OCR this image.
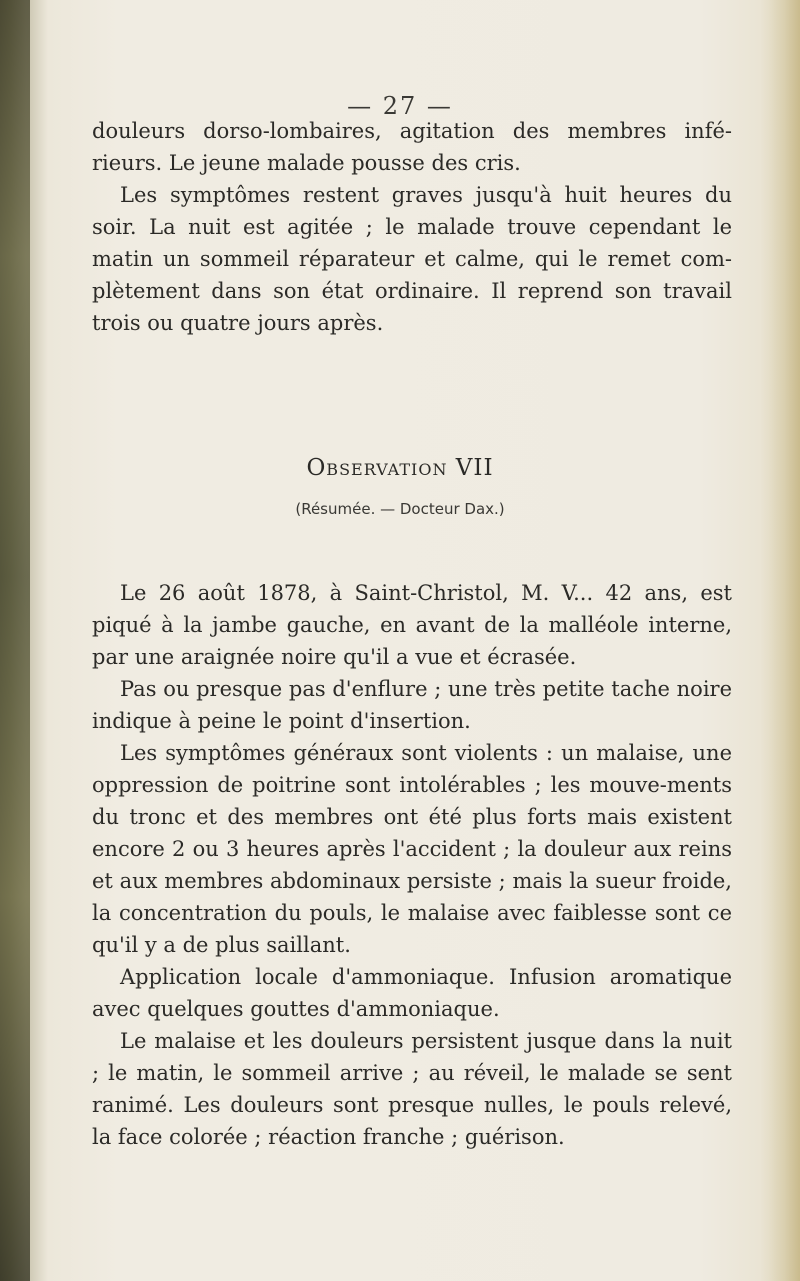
— 27 —

douleurs dorso-lombaires, agitation des membres infé-rieurs. Le jeune malade pousse des cris.

Les symptômes restent graves jusqu'à huit heures du soir. La nuit est agitée ; le malade trouve cependant le matin un sommeil réparateur et calme, qui le remet com-plètement dans son état ordinaire. Il reprend son travail trois ou quatre jours après.

Observation VII
(Résumée. — Docteur Dax.)

Le 26 août 1878, à Saint-Christol, M. V... 42 ans, est piqué à la jambe gauche, en avant de la malléole interne, par une araignée noire qu'il a vue et écrasée.

Pas ou presque pas d'enflure ; une très petite tache noire indique à peine le point d'insertion.

Les symptômes généraux sont violents : un malaise, une oppression de poitrine sont intolérables ; les mouve-ments du tronc et des membres ont été plus forts mais existent encore 2 ou 3 heures après l'accident ; la douleur aux reins et aux membres abdominaux persiste ; mais la sueur froide, la concentration du pouls, le malaise avec faiblesse sont ce qu'il y a de plus saillant.

Application locale d'ammoniaque. Infusion aromatique avec quelques gouttes d'ammoniaque.

Le malaise et les douleurs persistent jusque dans la nuit ; le matin, le sommeil arrive ; au réveil, le malade se sent ranimé. Les douleurs sont presque nulles, le pouls relevé, la face colorée ; réaction franche ; guérison.
